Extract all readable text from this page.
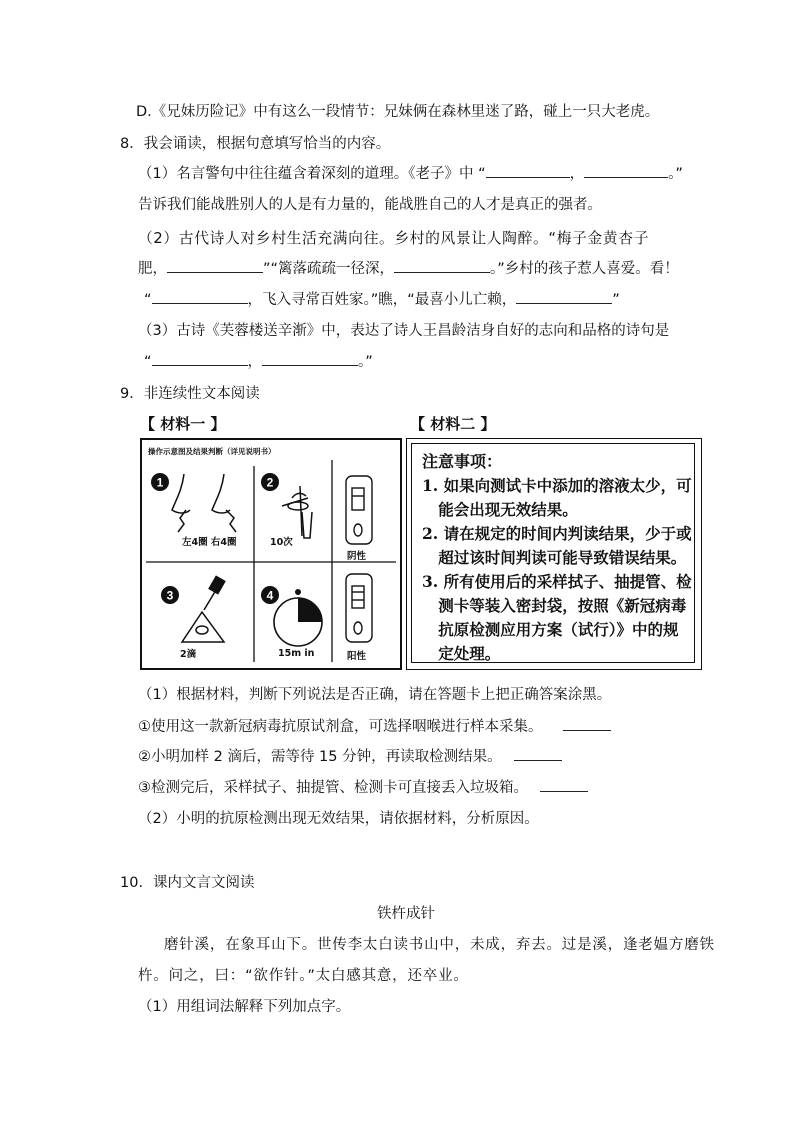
D.《兄妹历险记》中有这么一段情节：兄妹俩在森林里迷了路，碰上一只大老虎。
8．我会诵读，根据句意填写恰当的内容。
（1）名言警句中往往蕴含着深刻的道理。《老子》中 “	，	。”
告诉我们能战胜别人的人是有力量的，能战胜自己的人才是真正的强者。
（2）古代诗人对乡村生活充满向往。乡村的风景让人陶醉。“梅子金黄杏子
肥，	”“篱落疏疏一径深，	。”乡村的孩子惹人喜爱。看！
“	，飞入寻常百姓家。”瞧，“最喜小儿亡赖，	”
（3）古诗《芙蓉楼送辛渐》中，表达了诗人王昌龄洁身自好的志向和品格的诗句是
“	，	。”
9．非连续性文本阅读
【 材料一 】	【 材料二 】
操作示意图及结果判断（详见说明书）
1	2
3	4
左4圈 右4圈	10次
阴性
2滴	15m in	阳性
注意事项：
1. 如果向测试卡中添加的溶液太少，可
能会出现无效结果。
2. 请在规定的时间内判读结果，少于或
超过该时间判读可能导致错误结果。
3. 所有使用后的采样拭子、抽提管、检
测卡等装入密封袋，按照《新冠病毒
抗原检测应用方案（试行）》中的规
定处理。
（1）根据材料，判断下列说法是否正确，请在答题卡上把正确答案涂黑。
①使用这一款新冠病毒抗原试剂盒，可选择咽喉进行样本采集。
②小明加样 2 滴后，需等待 15 分钟，再读取检测结果。
③检测完后，采样拭子、抽提管、检测卡可直接丢入垃圾箱。
（2）小明的抗原检测出现无效结果，请依据材料，分析原因。
10．课内文言文阅读
铁杵成针
磨针溪，在象耳山下。世传李太白读书山中，未成，弃去。过是溪，逢老媪方磨铁
杵。问之，曰：“欲作针。”太白感其意，还卒业。
（1）用组词法解释下列加点字。
